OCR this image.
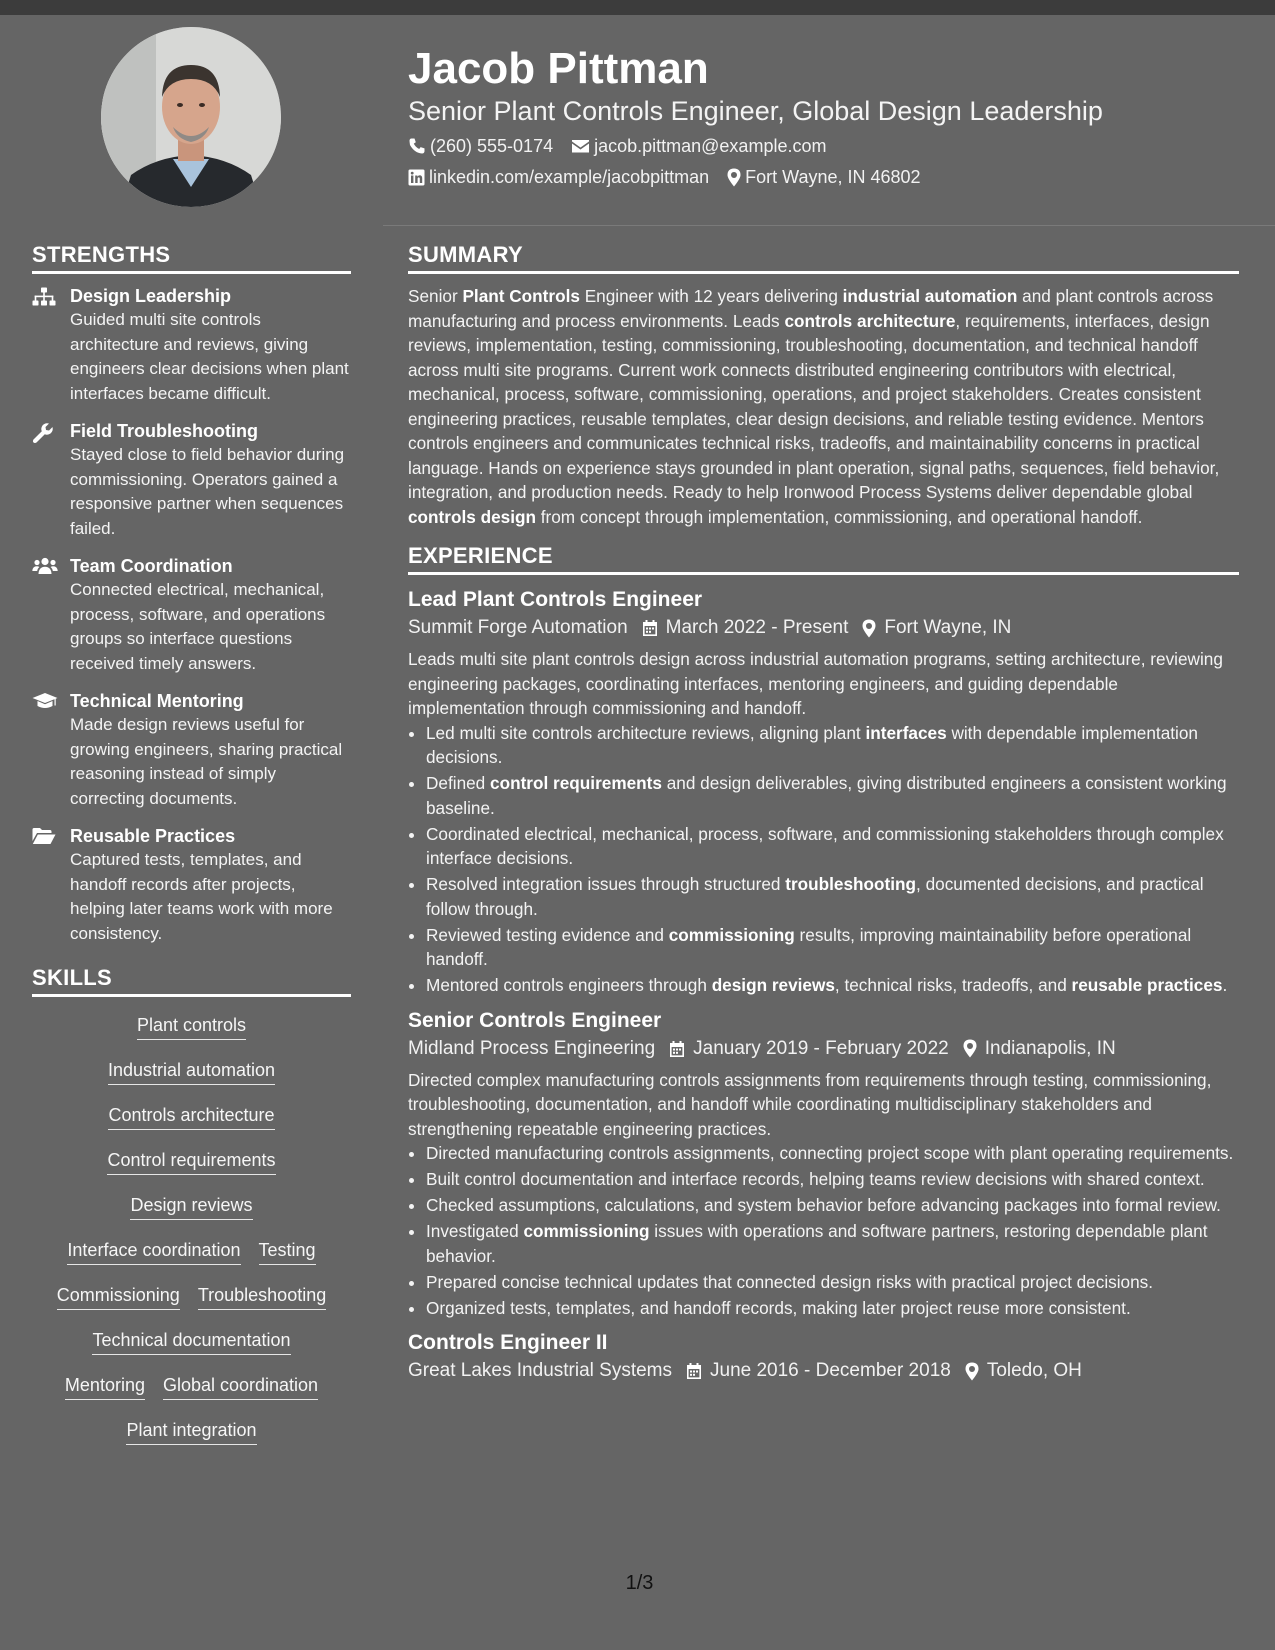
Jacob Pittman
Senior Plant Controls Engineer, Global Design Leadership
(260) 555-0174 jacob.pittman@example.com
linkedin.com/example/jacobpittman Fort Wayne, IN 46802
STRENGTHS
Design Leadership
Guided multi site controls architecture and reviews, giving engineers clear decisions when plant interfaces became difficult.
Field Troubleshooting
Stayed close to field behavior during commissioning. Operators gained a responsive partner when sequences failed.
Team Coordination
Connected electrical, mechanical, process, software, and operations groups so interface questions received timely answers.
Technical Mentoring
Made design reviews useful for growing engineers, sharing practical reasoning instead of simply correcting documents.
Reusable Practices
Captured tests, templates, and handoff records after projects, helping later teams work with more consistency.
SKILLS
Plant controls
Industrial automation
Controls architecture
Control requirements
Design reviews
Interface coordination Testing
Commissioning Troubleshooting
Technical documentation
Mentoring Global coordination
Plant integration
SUMMARY
Senior Plant Controls Engineer with 12 years delivering industrial automation and plant controls across manufacturing and process environments. Leads controls architecture, requirements, interfaces, design reviews, implementation, testing, commissioning, troubleshooting, documentation, and technical handoff across multi site programs. Current work connects distributed engineering contributors with electrical, mechanical, process, software, commissioning, operations, and project stakeholders. Creates consistent engineering practices, reusable templates, clear design decisions, and reliable testing evidence. Mentors controls engineers and communicates technical risks, tradeoffs, and maintainability concerns in practical language. Hands on experience stays grounded in plant operation, signal paths, sequences, field behavior, integration, and production needs. Ready to help Ironwood Process Systems deliver dependable global controls design from concept through implementation, commissioning, and operational handoff.
EXPERIENCE
Lead Plant Controls Engineer
Summit Forge Automation March 2022 - Present Fort Wayne, IN
Leads multi site plant controls design across industrial automation programs, setting architecture, reviewing engineering packages, coordinating interfaces, mentoring engineers, and guiding dependable implementation through commissioning and handoff.
• Led multi site controls architecture reviews, aligning plant interfaces with dependable implementation decisions.
• Defined control requirements and design deliverables, giving distributed engineers a consistent working baseline.
• Coordinated electrical, mechanical, process, software, and commissioning stakeholders through complex interface decisions.
• Resolved integration issues through structured troubleshooting, documented decisions, and practical follow through.
• Reviewed testing evidence and commissioning results, improving maintainability before operational handoff.
• Mentored controls engineers through design reviews, technical risks, tradeoffs, and reusable practices.
Senior Controls Engineer
Midland Process Engineering January 2019 - February 2022 Indianapolis, IN
Directed complex manufacturing controls assignments from requirements through testing, commissioning, troubleshooting, documentation, and handoff while coordinating multidisciplinary stakeholders and strengthening repeatable engineering practices.
• Directed manufacturing controls assignments, connecting project scope with plant operating requirements.
• Built control documentation and interface records, helping teams review decisions with shared context.
• Checked assumptions, calculations, and system behavior before advancing packages into formal review.
• Investigated commissioning issues with operations and software partners, restoring dependable plant behavior.
• Prepared concise technical updates that connected design risks with practical project decisions.
• Organized tests, templates, and handoff records, making later project reuse more consistent.
Controls Engineer II
Great Lakes Industrial Systems June 2016 - December 2018 Toledo, OH
1/3
